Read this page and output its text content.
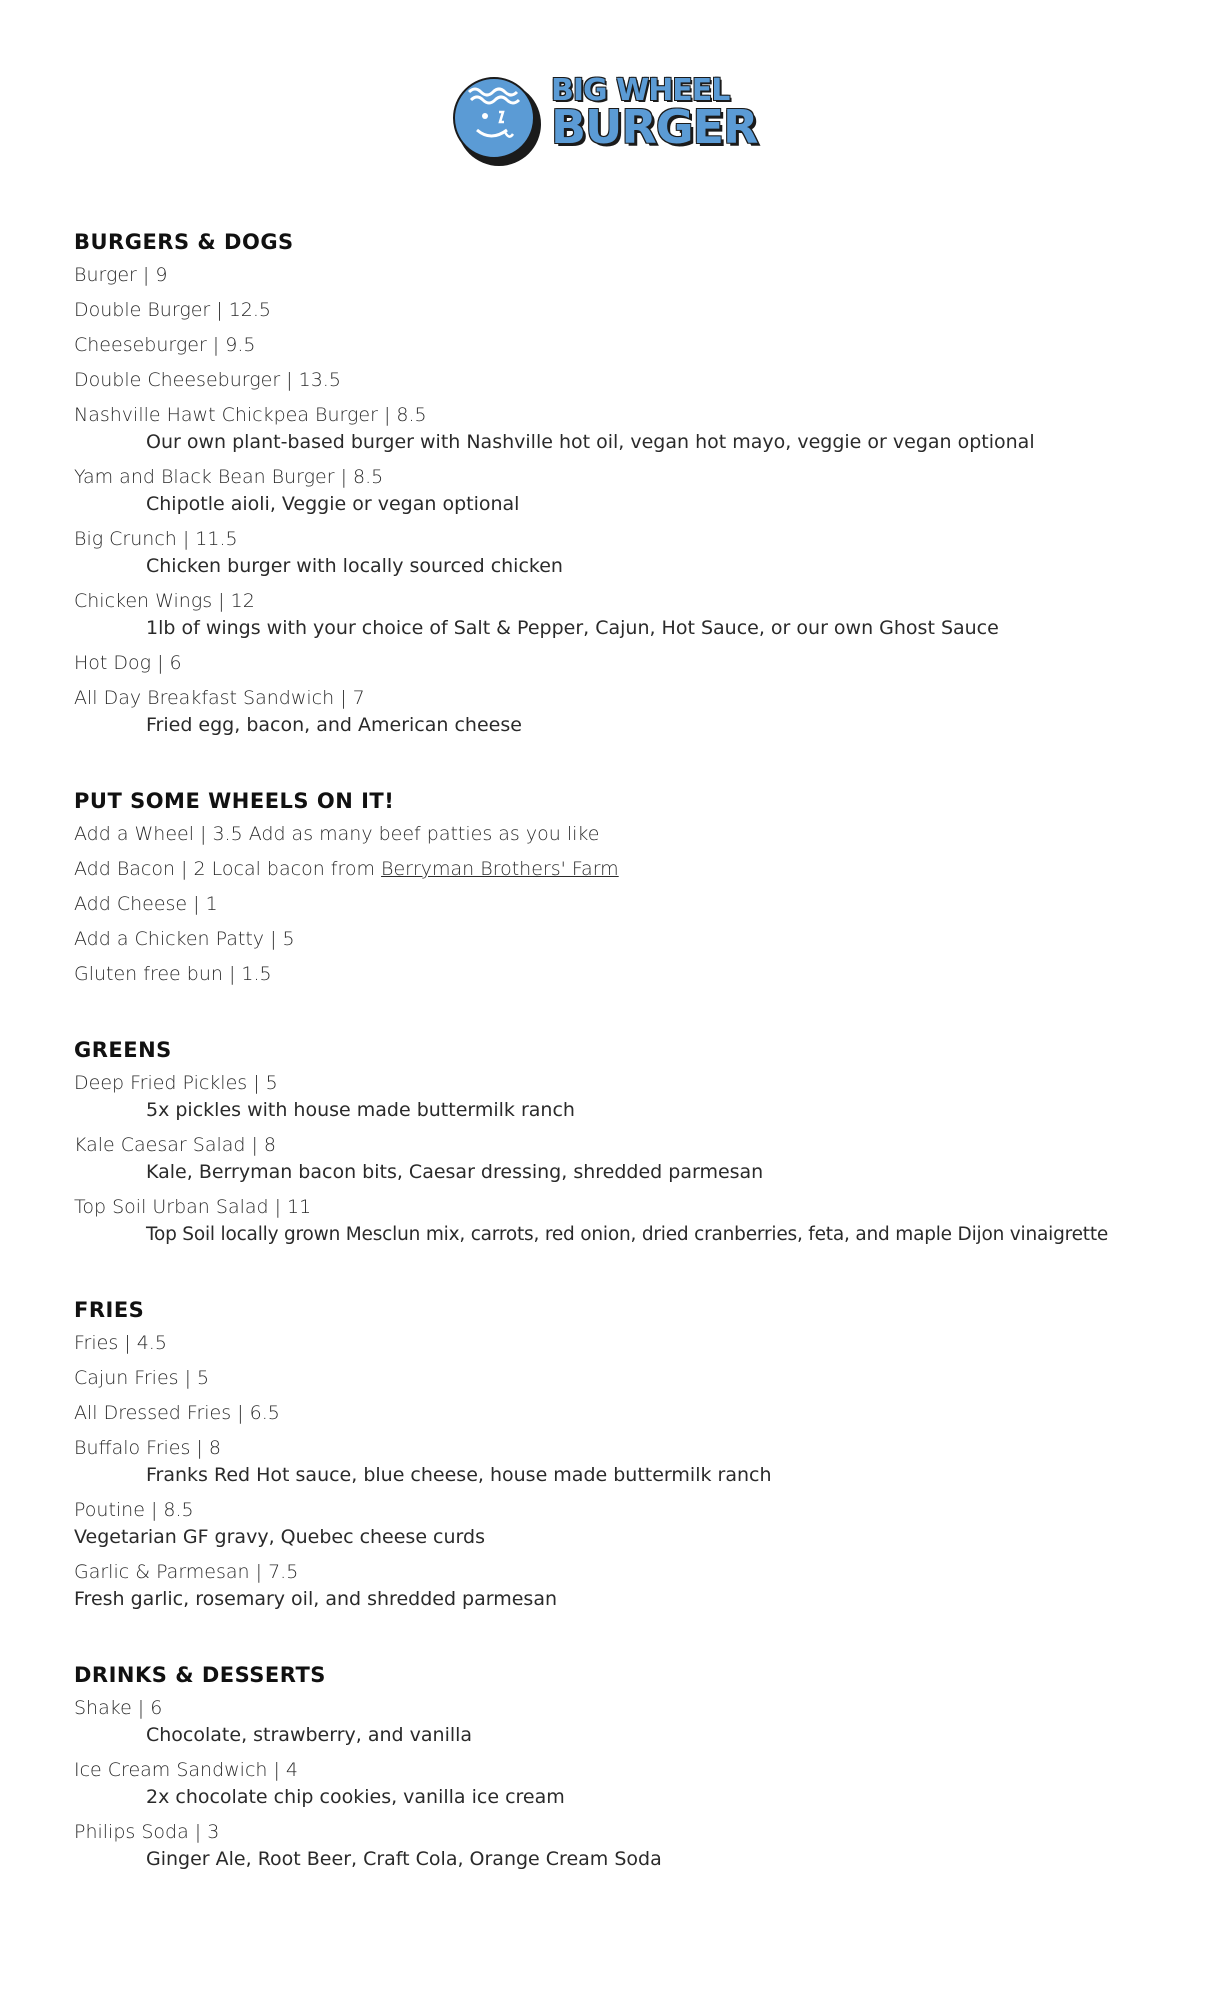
BIG WHEEL
BURGER
BURGERS & DOGS
Burger | 9
Double Burger | 12.5
Cheeseburger | 9.5
Double Cheeseburger | 13.5
Nashville Hawt Chickpea Burger | 8.5
Our own plant-based burger with Nashville hot oil, vegan hot mayo, veggie or vegan optional
Yam and Black Bean Burger | 8.5
Chipotle aioli, Veggie or vegan optional
Big Crunch | 11.5
Chicken burger with locally sourced chicken
Chicken Wings | 12
1lb of wings with your choice of Salt & Pepper, Cajun, Hot Sauce, or our own Ghost Sauce
Hot Dog | 6
All Day Breakfast Sandwich | 7
Fried egg, bacon, and American cheese
PUT SOME WHEELS ON IT!
Add a Wheel | 3.5 Add as many beef patties as you like
Add Bacon | 2 Local bacon from Berryman Brothers' Farm
Add Cheese | 1
Add a Chicken Patty | 5
Gluten free bun | 1.5
GREENS
Deep Fried Pickles | 5
5x pickles with house made buttermilk ranch
Kale Caesar Salad | 8
Kale, Berryman bacon bits, Caesar dressing, shredded parmesan
Top Soil Urban Salad | 11
Top Soil locally grown Mesclun mix, carrots, red onion, dried cranberries, feta, and maple Dijon vinaigrette
FRIES
Fries | 4.5
Cajun Fries | 5
All Dressed Fries | 6.5
Buffalo Fries | 8
Franks Red Hot sauce, blue cheese, house made buttermilk ranch
Poutine | 8.5
Vegetarian GF gravy, Quebec cheese curds
Garlic & Parmesan | 7.5
Fresh garlic, rosemary oil, and shredded parmesan
DRINKS & DESSERTS
Shake | 6
Chocolate, strawberry, and vanilla
Ice Cream Sandwich | 4
2x chocolate chip cookies, vanilla ice cream
Philips Soda | 3
Ginger Ale, Root Beer, Craft Cola, Orange Cream Soda
